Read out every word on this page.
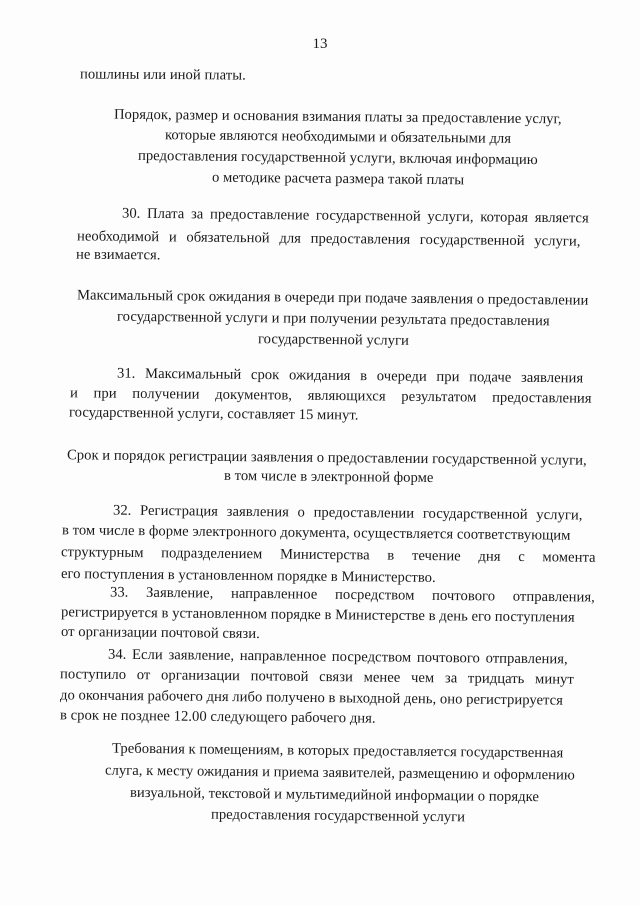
13
пошлины или иной платы.
Порядок, размер и основания взимания платы за предоставление услуг,
которые являются необходимыми и обязательными для
предоставления государственной услуги, включая информацию
о методике расчета размера такой платы
30. Плата за предоставление государственной услуги, которая является
необходимой и обязательной для предоставления государственной услуги,
не взимается.
Максимальный срок ожидания в очереди при подаче заявления о предоставлении
государственной услуги и при получении результата предоставления
государственной услуги
31. Максимальный срок ожидания в очереди при подаче заявления
и при получении документов, являющихся результатом предоставления
государственной услуги, составляет 15 минут.
Срок и порядок регистрации заявления о предоставлении государственной услуги,
в том числе в электронной форме
32. Регистрация заявления о предоставлении государственной услуги,
в том числе в форме электронного документа, осуществляется соответствующим
структурным подразделением Министерства в течение дня с момента
его поступления в установленном порядке в Министерство.
33. Заявление, направленное посредством почтового отправления,
регистрируется в установленном порядке в Министерстве в день его поступления
от организации почтовой связи.
34. Если заявление, направленное посредством почтового отправления,
поступило от организации почтовой связи менее чем за тридцать минут
до окончания рабочего дня либо получено в выходной день, оно регистрируется
в срок не позднее 12.00 следующего рабочего дня.
Требования к помещениям, в которых предоставляется государственная
слуга, к месту ожидания и приема заявителей, размещению и оформлению
визуальной, текстовой и мультимедийной информации о порядке
предоставления государственной услуги
